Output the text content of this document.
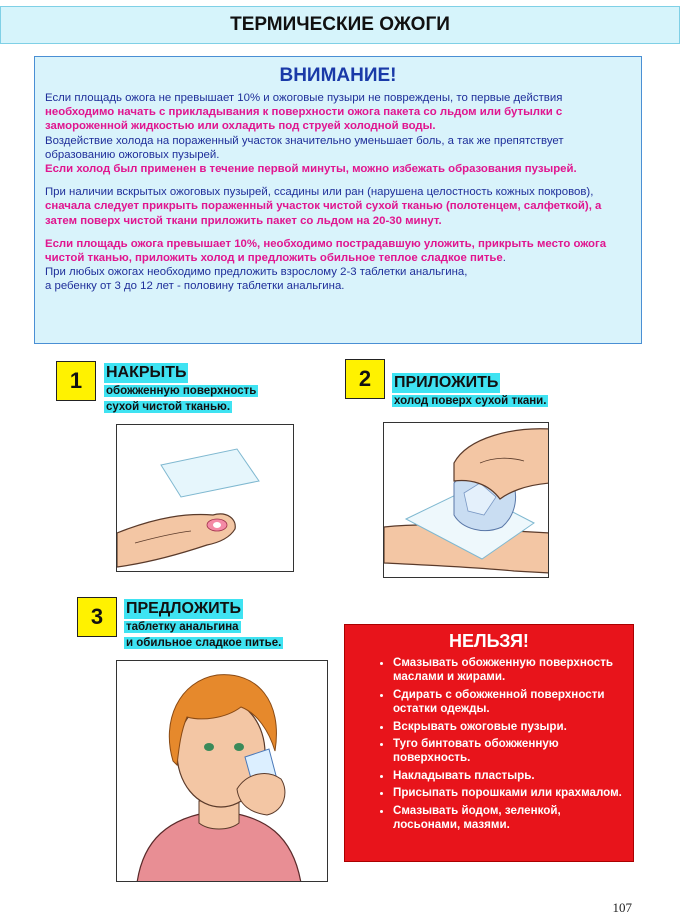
ТЕРМИЧЕСКИЕ ОЖОГИ
ВНИМАНИЕ!

Если площадь ожога не превышает 10% и ожоговые пузыри не повреждены, то первые действия необходимо начать с прикладывания к поверхности ожога пакета со льдом или бутылки с замороженной жидкостью или охладить под струей холодной воды.

Воздействие холода на пораженный участок значительно уменьшает боль, а так же препятствует образованию ожоговых пузырей.

Если холод был применен в течение первой минуты, можно избежать образования пузырей.

При наличии вскрытых ожоговых пузырей, ссадины или ран (нарушена целостность кожных покровов), сначала следует прикрыть пораженный участок чистой сухой тканью (полотенцем, салфеткой), а затем поверх чистой ткани приложить пакет со льдом на 20-30 минут.

Если площадь ожога превышает 10%, необходимо пострадавшую уложить, прикрыть место ожога чистой тканью, приложить холод и предложить обильное теплое сладкое питье.

При любых ожогах необходимо предложить взрослому 2-3 таблетки анальгина,

а ребенку от 3 до 12 лет - половину таблетки анальгина.

1	НАКРЫТЬ
обожженную поверхность
сухой чистой тканью.
2	ПРИЛОЖИТЬ
холод поверх сухой ткани.
3	ПРЕДЛОЖИТЬ
таблетку анальгина
и обильное сладкое питье.	НЕЛЬЗЯ!
• Смазывать обожженную поверхность маслами и жирами.
• Сдирать с обожженной поверхности остатки одежды.
• Вскрывать ожоговые пузыри.
• Туго бинтовать обожженную поверхность.
• Накладывать пластырь.
• Присыпать порошками или крахмалом.
• Смазывать йодом, зеленкой, лосьонами, мазями.
107
